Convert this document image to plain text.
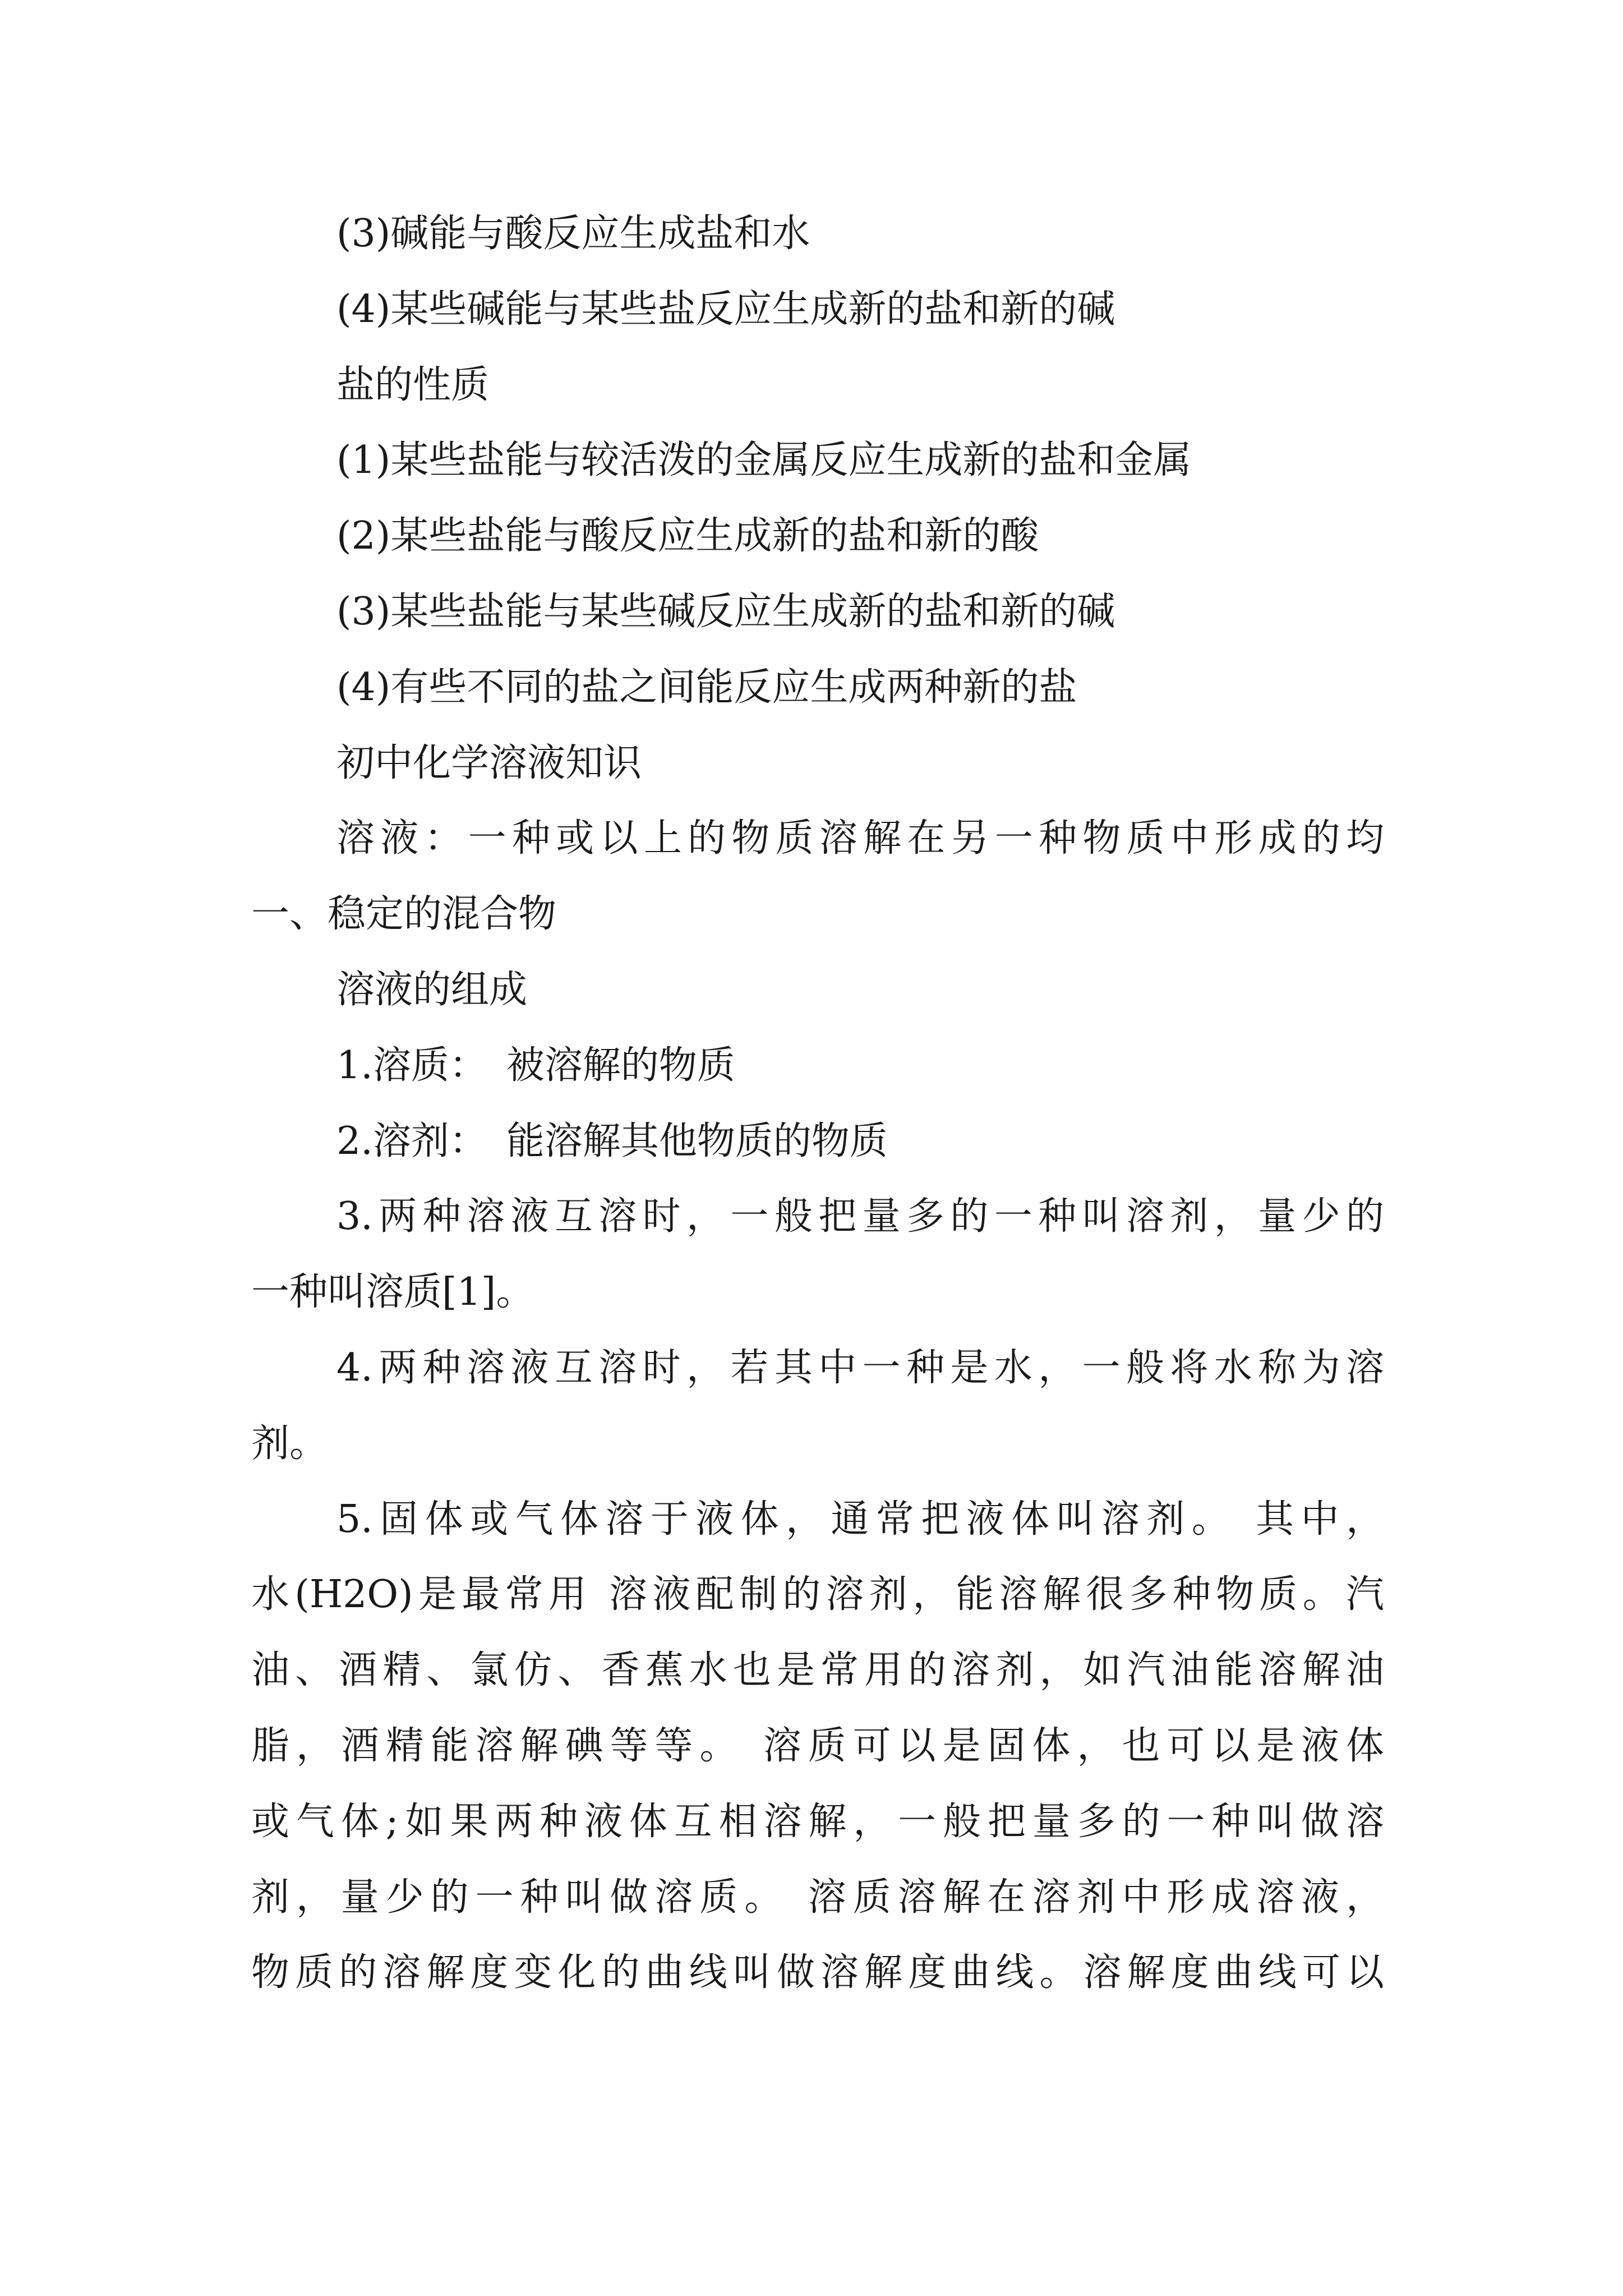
(3)碱能与酸反应生成盐和水
(4)某些碱能与某些盐反应生成新的盐和新的碱
盐的性质
(1)某些盐能与较活泼的金属反应生成新的盐和金属
(2)某些盐能与酸反应生成新的盐和新的酸
(3)某些盐能与某些碱反应生成新的盐和新的碱
(4)有些不同的盐之间能反应生成两种新的盐
初中化学溶液知识
溶液：一种或以上的物质溶解在另一种物质中形成的均
一、稳定的混合物
溶液的组成
1.溶质：　被溶解的物质
2.溶剂：　能溶解其他物质的物质
3.两种溶液互溶时，一般把量多的一种叫溶剂，量少的
一种叫溶质[1]。
4.两种溶液互溶时，若其中一种是水，一般将水称为溶
剂。
5.固体或气体溶于液体，通常把液体叫溶剂。 其中，
水(H2O)是最常用 溶液配制的溶剂，能溶解很多种物质。汽
油、酒精、氯仿、香蕉水也是常用的溶剂，如汽油能溶解油
脂，酒精能溶解碘等等。 溶质可以是固体，也可以是液体
或气体;如果两种液体互相溶解，一般把量多的一种叫做溶
剂，量少的一种叫做溶质。 溶质溶解在溶剂中形成溶液，
物质的溶解度变化的曲线叫做溶解度曲线。溶解度曲线可以
